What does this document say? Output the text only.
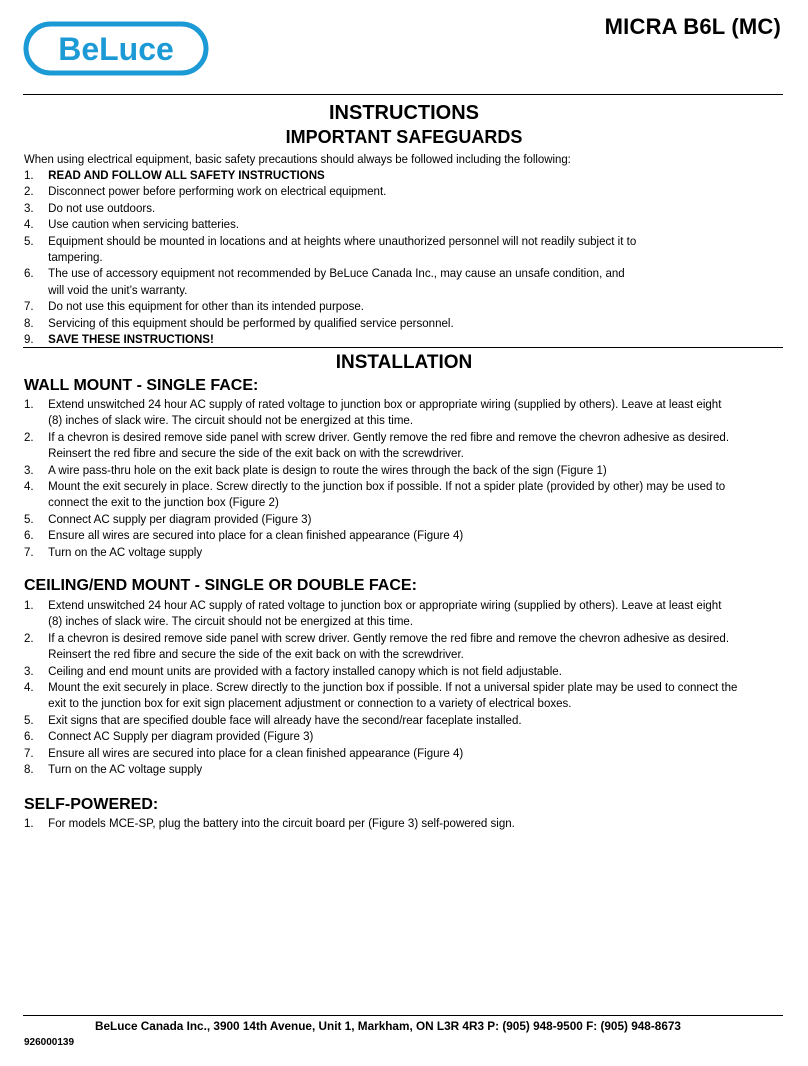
BeLuce
MICRA B6L (MC)
INSTRUCTIONS
IMPORTANT SAFEGUARDS
When using electrical equipment, basic safety precautions should always be followed including the following:
1. READ AND FOLLOW ALL SAFETY INSTRUCTIONS
2. Disconnect power before performing work on electrical equipment.
3. Do not use outdoors.
4. Use caution when servicing batteries.
5. Equipment should be mounted in locations and at heights where unauthorized personnel will not readily subject it to
tampering.
6. The use of accessory equipment not recommended by BeLuce Canada Inc., may cause an unsafe condition, and
will void the unit’s warranty.
7. Do not use this equipment for other than its intended purpose.
8. Servicing of this equipment should be performed by qualified service personnel.
9. SAVE THESE INSTRUCTIONS!
INSTALLATION
WALL MOUNT - SINGLE FACE:
1. Extend unswitched 24 hour AC supply of rated voltage to junction box or appropriate wiring (supplied by others). Leave at least eight
(8) inches of slack wire. The circuit should not be energized at this time.
2. If a chevron is desired remove side panel with screw driver. Gently remove the red fibre and remove the chevron adhesive as desired.
Reinsert the red fibre and secure the side of the exit back on with the screwdriver.
3. A wire pass-thru hole on the exit back plate is design to route the wires through the back of the sign (Figure 1)
4. Mount the exit securely in place. Screw directly to the junction box if possible. If not a spider plate (provided by other) may be used to
connect the exit to the junction box (Figure 2)
5. Connect AC supply per diagram provided (Figure 3)
6. Ensure all wires are secured into place for a clean finished appearance (Figure 4)
7. Turn on the AC voltage supply
CEILING/END MOUNT - SINGLE OR DOUBLE FACE:
1. Extend unswitched 24 hour AC supply of rated voltage to junction box or appropriate wiring (supplied by others). Leave at least eight
(8) inches of slack wire. The circuit should not be energized at this time.
2. If a chevron is desired remove side panel with screw driver. Gently remove the red fibre and remove the chevron adhesive as desired.
Reinsert the red fibre and secure the side of the exit back on with the screwdriver.
3. Ceiling and end mount units are provided with a factory installed canopy which is not field adjustable.
4. Mount the exit securely in place. Screw directly to the junction box if possible. If not a universal spider plate may be used to connect the
exit to the junction box for exit sign placement adjustment or connection to a variety of electrical boxes.
5. Exit signs that are specified double face will already have the second/rear faceplate installed.
6. Connect AC Supply per diagram provided (Figure 3)
7. Ensure all wires are secured into place for a clean finished appearance (Figure 4)
8. Turn on the AC voltage supply
SELF-POWERED:
1. For models MCE-SP, plug the battery into the circuit board per (Figure 3) self-powered sign.
BeLuce Canada Inc., 3900 14th Avenue, Unit 1, Markham, ON L3R 4R3 P: (905) 948-9500 F: (905) 948-8673
926000139
